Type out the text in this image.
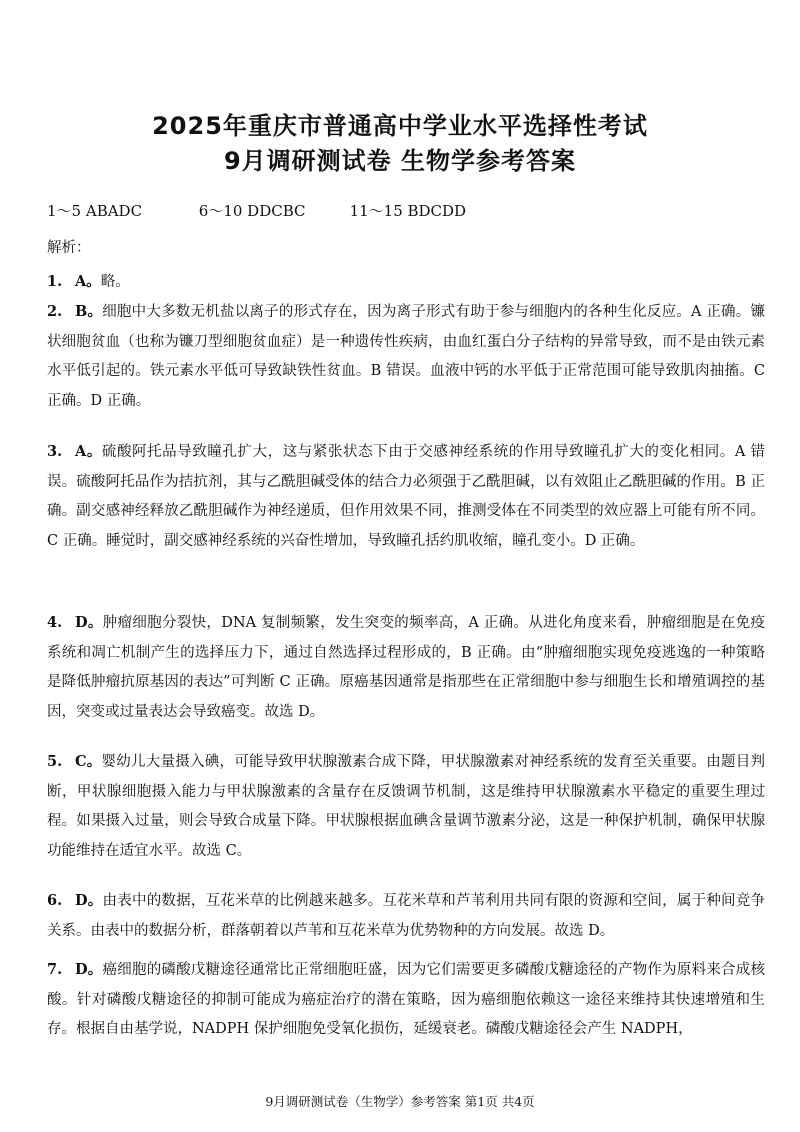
2025年重庆市普通高中学业水平选择性考试
9月调研测试卷 生物学参考答案
1～5 ABADC	6～10 DDCBC	11～15 BDCDD
解析：
1. A。略。
2. B。细胞中大多数无机盐以离子的形式存在，因为离子形式有助于参与细胞内的各种生化反应。A 正确。镰状细胞贫血（也称为镰刀型细胞贫血症）是一种遗传性疾病，由血红蛋白分子结构的异常导致，而不是由铁元素水平低引起的。铁元素水平低可导致缺铁性贫血。B 错误。血液中钙的水平低于正常范围可能导致肌肉抽搐。C 正确。D 正确。
3. A。硫酸阿托品导致瞳孔扩大，这与紧张状态下由于交感神经系统的作用导致瞳孔扩大的变化相同。A 错误。硫酸阿托品作为拮抗剂，其与乙酰胆碱受体的结合力必须强于乙酰胆碱，以有效阻止乙酰胆碱的作用。B 正确。副交感神经释放乙酰胆碱作为神经递质，但作用效果不同，推测受体在不同类型的效应器上可能有所不同。C 正确。睡觉时，副交感神经系统的兴奋性增加，导致瞳孔括约肌收缩，瞳孔变小。D 正确。
4. D。肿瘤细胞分裂快，DNA 复制频繁，发生突变的频率高，A 正确。从进化角度来看，肿瘤细胞是在免疫系统和凋亡机制产生的选择压力下，通过自然选择过程形成的，B 正确。由“肿瘤细胞实现免疫逃逸的一种策略是降低肿瘤抗原基因的表达”可判断 C 正确。原癌基因通常是指那些在正常细胞中参与细胞生长和增殖调控的基因，突变或过量表达会导致癌变。故选 D。
5. C。婴幼儿大量摄入碘，可能导致甲状腺激素合成下降，甲状腺激素对神经系统的发育至关重要。由题目判断，甲状腺细胞摄入能力与甲状腺激素的含量存在反馈调节机制，这是维持甲状腺激素水平稳定的重要生理过程。如果摄入过量，则会导致合成量下降。甲状腺根据血碘含量调节激素分泌，这是一种保护机制，确保甲状腺功能维持在适宜水平。故选 C。
6. D。由表中的数据，互花米草的比例越来越多。互花米草和芦苇利用共同有限的资源和空间，属于种间竞争关系。由表中的数据分析，群落朝着以芦苇和互花米草为优势物种的方向发展。故选 D。
7. D。癌细胞的磷酸戊糖途径通常比正常细胞旺盛，因为它们需要更多磷酸戊糖途径的产物作为原料来合成核酸。针对磷酸戊糖途径的抑制可能成为癌症治疗的潜在策略，因为癌细胞依赖这一途径来维持其快速增殖和生存。根据自由基学说，NADPH 保护细胞免受氧化损伤，延缓衰老。磷酸戊糖途径会产生 NADPH，
9月调研测试卷（生物学）参考答案 第1页 共4页
